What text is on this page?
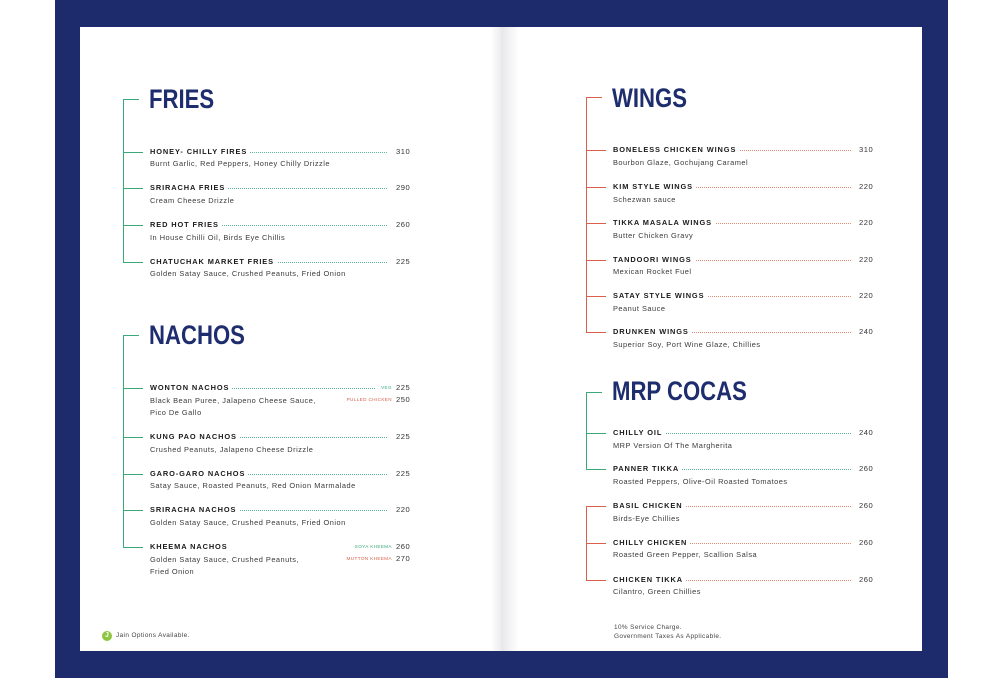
FRIES
HONEY- CHILLY FIRES	310
Burnt Garlic, Red Peppers, Honey Chilly Drizzle
SRIRACHA FRIES	290
Cream Cheese Drizzle
RED HOT FRIES	260
In House Chilli Oil, Birds Eye Chillis
CHATUCHAK MARKET FRIES	225
Golden Satay Sauce, Crushed Peanuts, Fried Onion
NACHOS
WONTON NACHOS	VEG 225
PULLED CHICKEN 250
Black Bean Puree, Jalapeno Cheese Sauce,
Pico De Gallo
KUNG PAO NACHOS	225
Crushed Peanuts, Jalapeno Cheese Drizzle
GARO-GARO NACHOS	225
Satay Sauce, Roasted Peanuts, Red Onion Marmalade
SRIRACHA NACHOS	220
Golden Satay Sauce, Crushed Peanuts, Fried Onion
KHEEMA NACHOS	SOYA KHEEMA 260
MUTTON KHEEMA 270
Golden Satay Sauce, Crushed Peanuts,
Fried Onion
J	Jain Options Available.
WINGS
BONELESS CHICKEN WINGS	310
Bourbon Glaze, Gochujang Caramel
KIM STYLE WINGS	220
Schezwan sauce
TIKKA MASALA WINGS	220
Butter Chicken Gravy
TANDOORI WINGS	220
Mexican Rocket Fuel
SATAY STYLE WINGS	220
Peanut Sauce
DRUNKEN WINGS	240
Superior Soy, Port Wine Glaze, Chillies
MRP COCAS
CHILLY OIL	240
MRP Version Of The Margherita
PANNER TIKKA	260
Roasted Peppers, Olive-Oil Roasted Tomatoes
BASIL CHICKEN	260
Birds-Eye Chillies
CHILLY CHICKEN	260
Roasted Green Pepper, Scallion Salsa
CHICKEN TIKKA	260
Cilantro, Green Chillies
10% Service Charge.
Government Taxes As Applicable.
